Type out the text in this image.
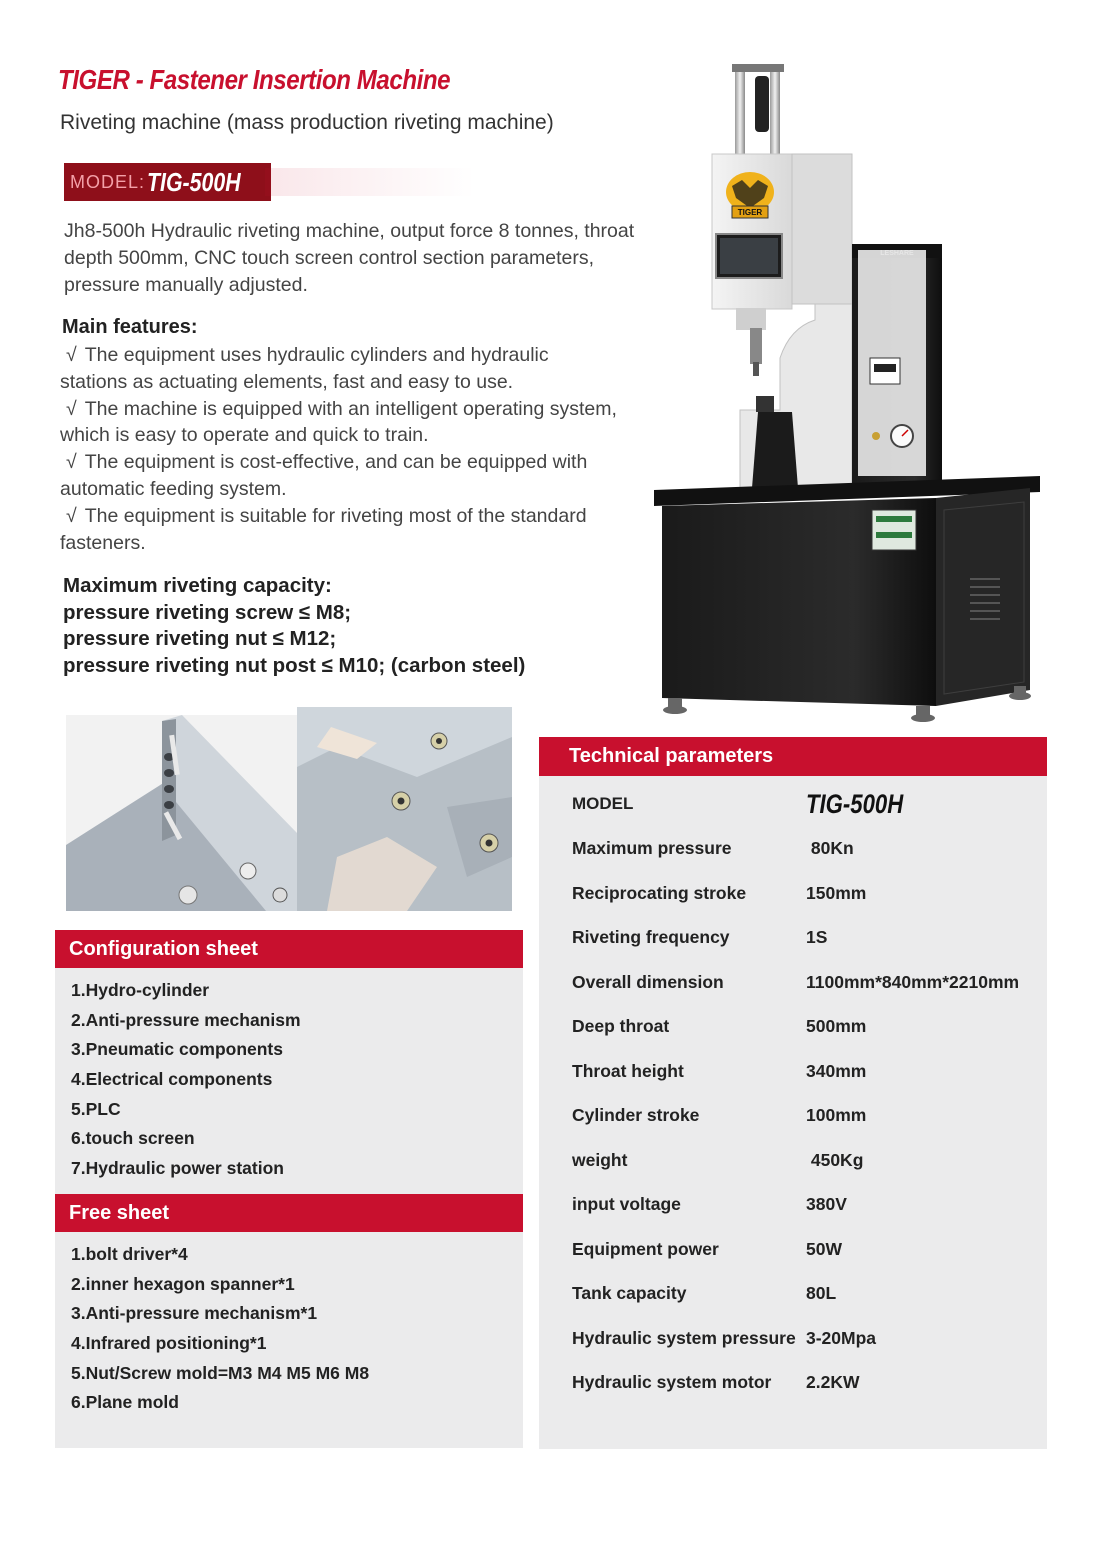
TIGER - Fastener Insertion Machine
Riveting machine (mass production riveting machine)
MODEL: TIG-500H
Jh8-500h Hydraulic riveting machine, output force 8 tonnes, throat depth 500mm, CNC touch screen control section parameters, pressure manually adjusted.
Main features:
√ The equipment uses hydraulic cylinders and hydraulic stations as actuating elements, fast and easy to use.
√ The machine is equipped with an intelligent operating system, which is easy to operate and quick to train.
√ The equipment is cost-effective, and can be equipped with automatic feeding system.
√ The equipment is suitable for riveting most of the standard fasteners.
Maximum riveting capacity:
pressure riveting screw ≤ M8;
pressure riveting nut ≤ M12;
pressure riveting nut post ≤ M10; (carbon steel)
TIGER
Configuration sheet
1.Hydro-cylinder
2.Anti-pressure mechanism
3.Pneumatic components
4.Electrical components
5.PLC
6.touch screen
7.Hydraulic power station
Free sheet
1.bolt driver*4
2.inner hexagon spanner*1
3.Anti-pressure mechanism*1
4.Infrared positioning*1
5.Nut/Screw mold=M3 M4 M5 M6 M8
6.Plane mold
Technical parameters
MODEL	TIG-500H
Maximum pressure	80Kn
Reciprocating stroke	150mm
Riveting frequency	1S
Overall dimension	1100mm*840mm*2210mm
Deep throat	500mm
Throat height	340mm
Cylinder stroke	100mm
weight	450Kg
input voltage	380V
Equipment power	50W
Tank capacity	80L
Hydraulic system pressure 3-20Mpa
Hydraulic system motor	2.2KW
